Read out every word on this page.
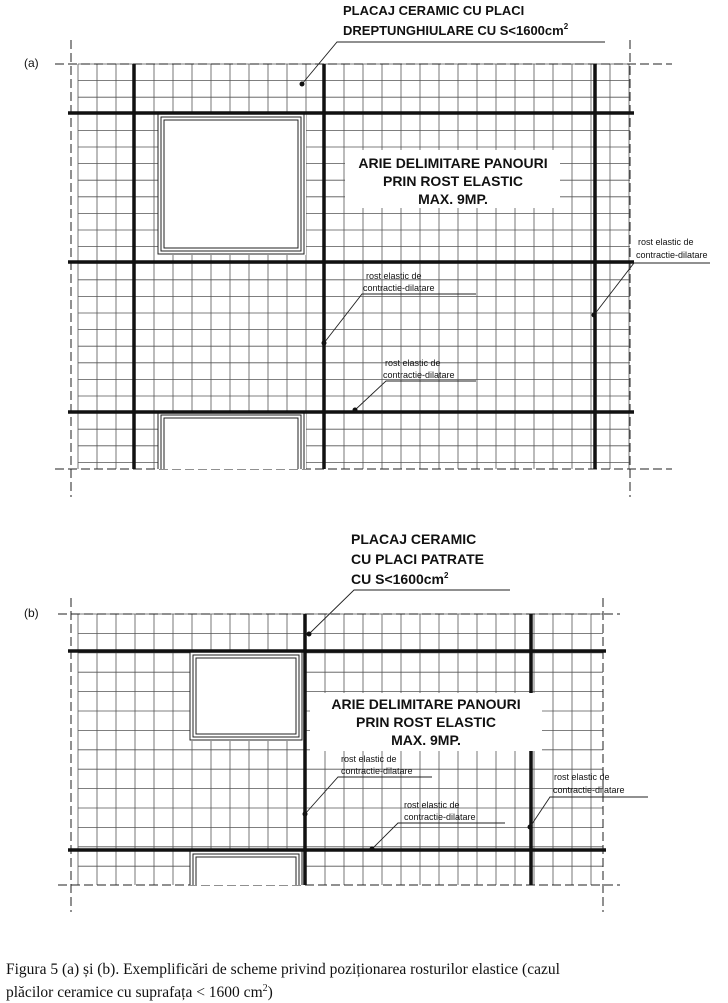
(a)
PLACAJ CERAMIC CU PLACI
DREPTUNGHIULARE CU $S<1600cm^2$
ARIE DELIMITARE PANOURI
PRIN ROST ELASTIC
MAX. 9MP.
rost elastic de
contractie-dilatare
rost elastic de
contractie-dilatare
rost elastic de
contractie-dilatare
(b)
PLACAJ CERAMIC
CU PLACI PATRATE
CU $S<1600cm^2$
ARIE DELIMITARE PANOURI
PRIN ROST ELASTIC
MAX. 9MP.
rost elastic de
contractie-dilatare
rost elastic de
contractie-dilatare
rost elastic de
contractie-dilatare
Figura 5 (a) și (b). Exemplificări de scheme privind poziționarea rosturilor elastice (cazul
plăcilor ceramice cu suprafața < 1600 $cm^2$)
